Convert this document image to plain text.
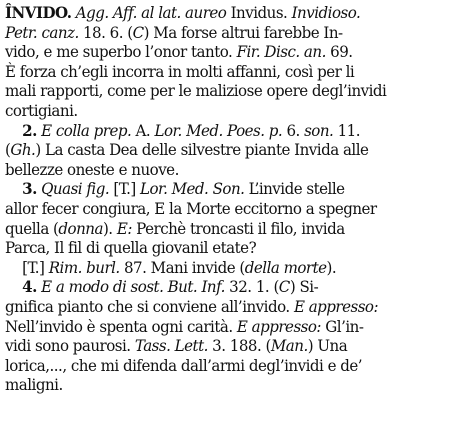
ÎNVIDO. Agg. Aff. al lat. aureo Invidus. Invidioso.
Petr. canz. 18. 6. (C) Ma forse altrui farebbe In-
vido, e me superbo l’onor tanto. Fir. Disc. an. 69.
È forza ch’egli incorra in molti affanni, così per li
mali rapporti, come per le maliziose opere degl’invidi
cortigiani.
2. E colla prep. A. Lor. Med. Poes. p. 6. son. 11.
(Gh.) La casta Dea delle silvestre piante Invida alle
bellezze oneste e nuove.
3. Quasi fig. [T.] Lor. Med. Son. L’invide stelle
allor fecer congiura, E la Morte eccitorno a spegner
quella (donna). E: Perchè troncasti il filo, invida
Parca, Il fil di quella giovanil etate?
[T.] Rim. burl. 87. Mani invide (della morte).
4. E a modo di sost. But. Inf. 32. 1. (C) Si-
gnifica pianto che si conviene all’invido. E appresso:
Nell’invido è spenta ogni carità. E appresso: Gl’in-
vidi sono paurosi. Tass. Lett. 3. 188. (Man.) Una
lorica,..., che mi difenda dall’armi degl’invidi e de’
maligni.
